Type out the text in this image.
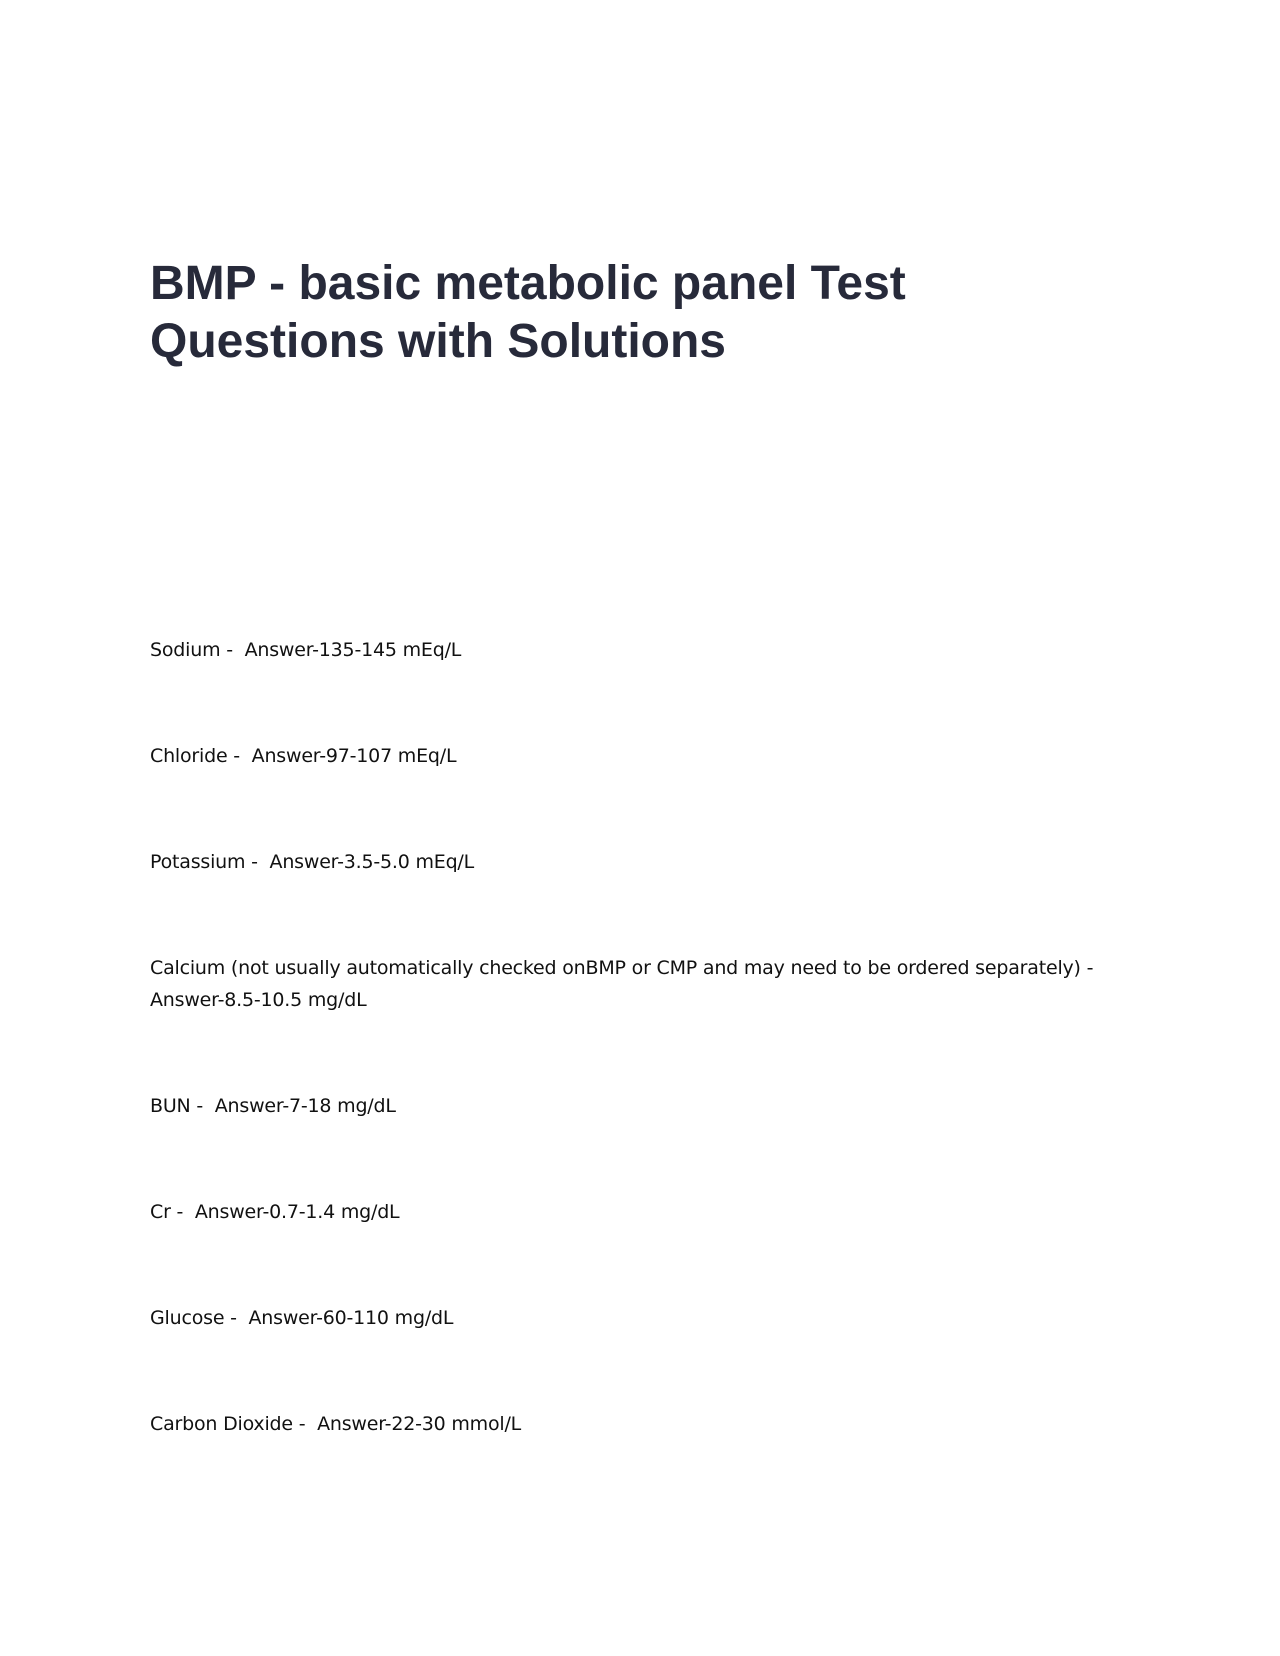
BMP - basic metabolic panel Test Questions with Solutions

Sodium - Answer-135-145 mEq/L

Chloride - Answer-97-107 mEq/L

Potassium - Answer-3.5-5.0 mEq/L

Calcium (not usually automatically checked onBMP or CMP and may need to be ordered separately) -
Answer-8.5-10.5 mg/dL

BUN - Answer-7-18 mg/dL

Cr - Answer-0.7-1.4 mg/dL

Glucose - Answer-60-110 mg/dL

Carbon Dioxide - Answer-22-30 mmol/L
